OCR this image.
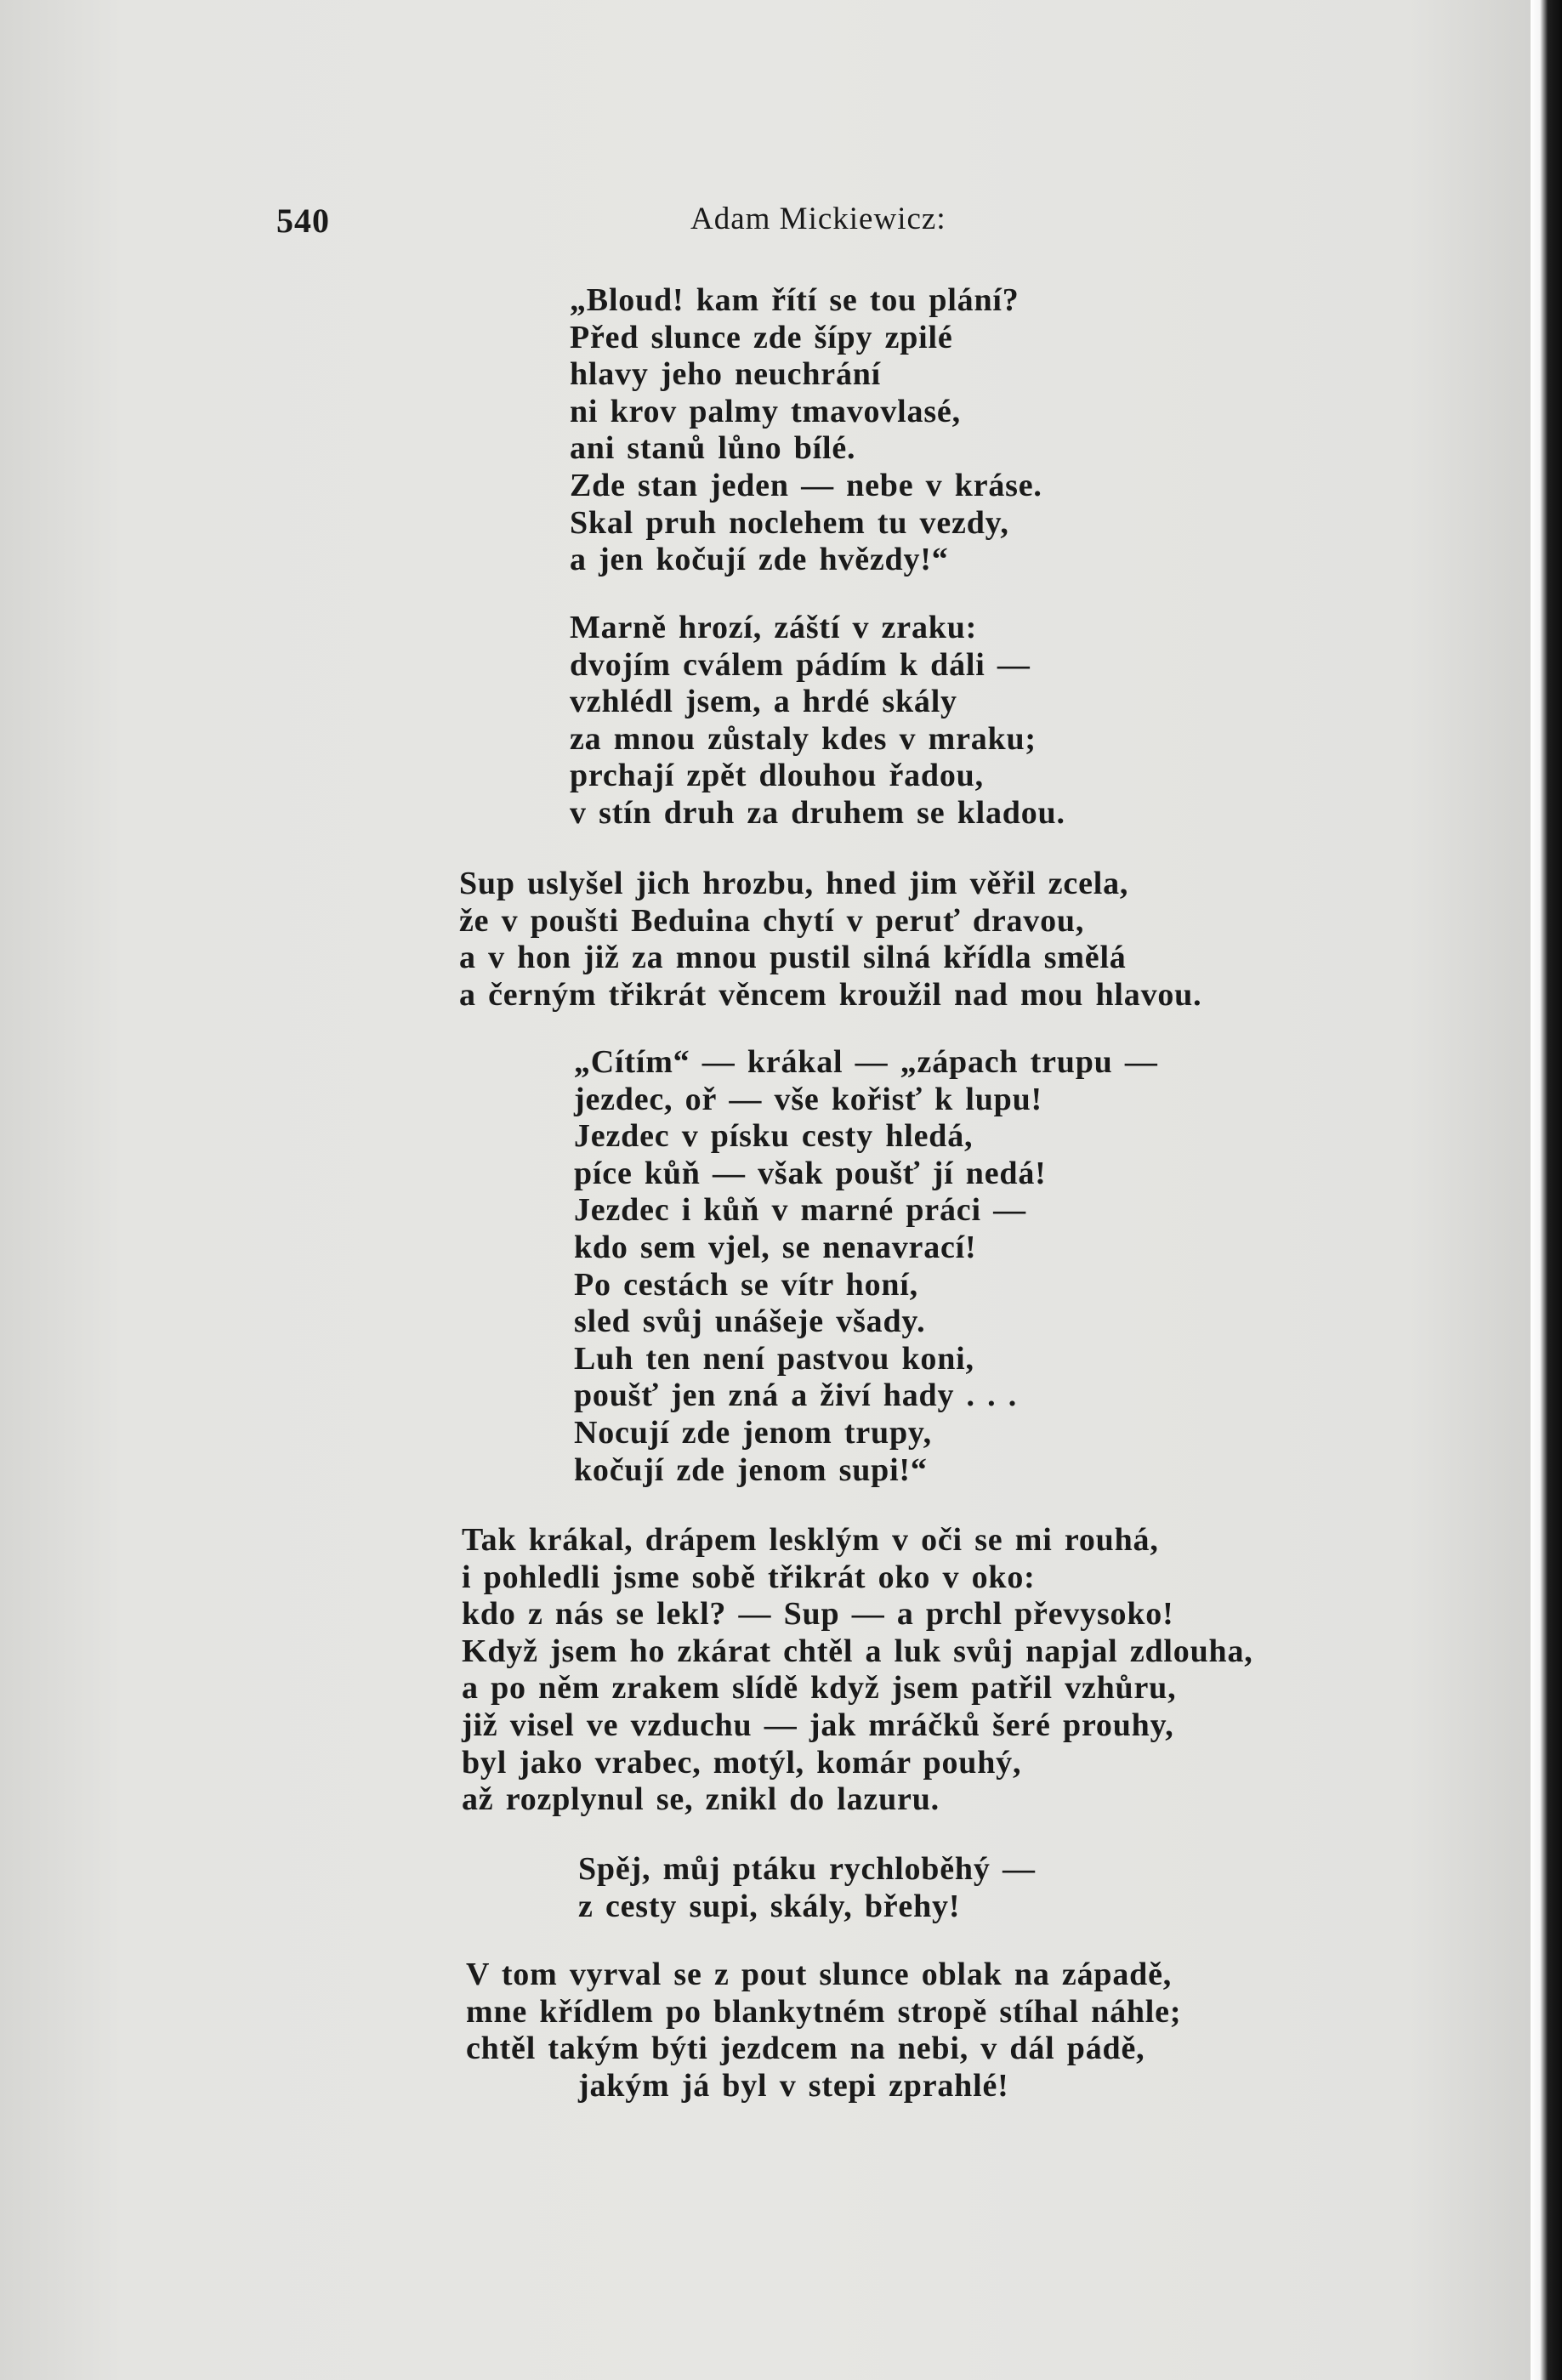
540	Adam Mickiewicz:
„Bloud! kam řítí se tou plání?
Před slunce zde šípy zpilé
hlavy jeho neuchrání
ni krov palmy tmavovlasé,
ani stanů lůno bílé.
Zde stan jeden — nebe v kráse.
Skal pruh noclehem tu vezdy,
a jen kočují zde hvězdy!“
Marně hrozí, záští v zraku:
dvojím cválem pádím k dáli —
vzhlédl jsem, a hrdé skály
za mnou zůstaly kdes v mraku;
prchají zpět dlouhou řadou,
v stín druh za druhem se kladou.
Sup uslyšel jich hrozbu, hned jim věřil zcela,
že v poušti Beduina chytí v peruť dravou,
a v hon již za mnou pustil silná křídla smělá
a černým třikrát věncem kroužil nad mou hlavou.
„Cítím“ — krákal — „zápach trupu —
jezdec, oř — vše kořisť k lupu!
Jezdec v písku cesty hledá,
píce kůň — však poušť jí nedá!
Jezdec i kůň v marné práci —
kdo sem vjel, se nenavrací!
Po cestách se vítr honí,
sled svůj unášeje všady.
Luh ten není pastvou koni,
poušť jen zná a živí hady . . .
Nocují zde jenom trupy,
kočují zde jenom supi!“
Tak krákal, drápem lesklým v oči se mi rouhá,
i pohledli jsme sobě třikrát oko v oko:
kdo z nás se lekl? — Sup — a prchl převysoko!
Když jsem ho zkárat chtěl a luk svůj napjal zdlouha,
a po něm zrakem slídě když jsem patřil vzhůru,
již visel ve vzduchu — jak mráčků šeré prouhy,
byl jako vrabec, motýl, komár pouhý,
až rozplynul se, znikl do lazuru.
Spěj, můj ptáku rychloběhý —
z cesty supi, skály, břehy!
V tom vyrval se z pout slunce oblak na západě,
mne křídlem po blankytném stropě stíhal náhle;
chtěl takým býti jezdcem na nebi, v dál pádě,
jakým já byl v stepi zprahlé!
